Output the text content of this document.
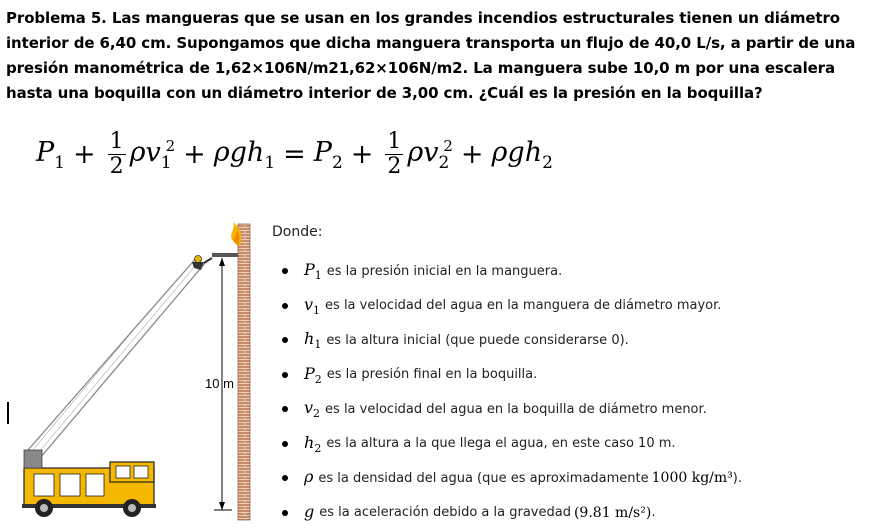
Problema 5. Las mangueras que se usan en los grandes incendios estructurales tienen un diámetro interior de 6,40 cm. Supongamos que dicha manguera transporta un flujo de 40,0 L/s, a partir de una presión manométrica de 1,62×106N/m21,62×106N/m2. La manguera sube 10,0 m por una escalera hasta una boquilla con un diámetro interior de 3,00 cm. ¿Cuál es la presión en la boquilla?
$P_1 + \frac{1}{2} \rho v_1^2 + \rho gh_1 = P_2 + \frac{1}{2} \rho v_2^2 + \rho gh_2$
10 m
Donde:
$P_1$ es la presión inicial en la manguera.
$v_1$ es la velocidad del agua en la manguera de diámetro mayor.
$h_1$ es la altura inicial (que puede considerarse 0).
$P_2$ es la presión final en la boquilla.
$v_2$ es la velocidad del agua en la boquilla de diámetro menor.
$h_2$ es la altura a la que llega el agua, en este caso 10 m.
ρ es la densidad del agua (que es aproximadamente 1000 kg/m³ ).
g es la aceleración debido a la gravedad (9.81 m/s²) .
